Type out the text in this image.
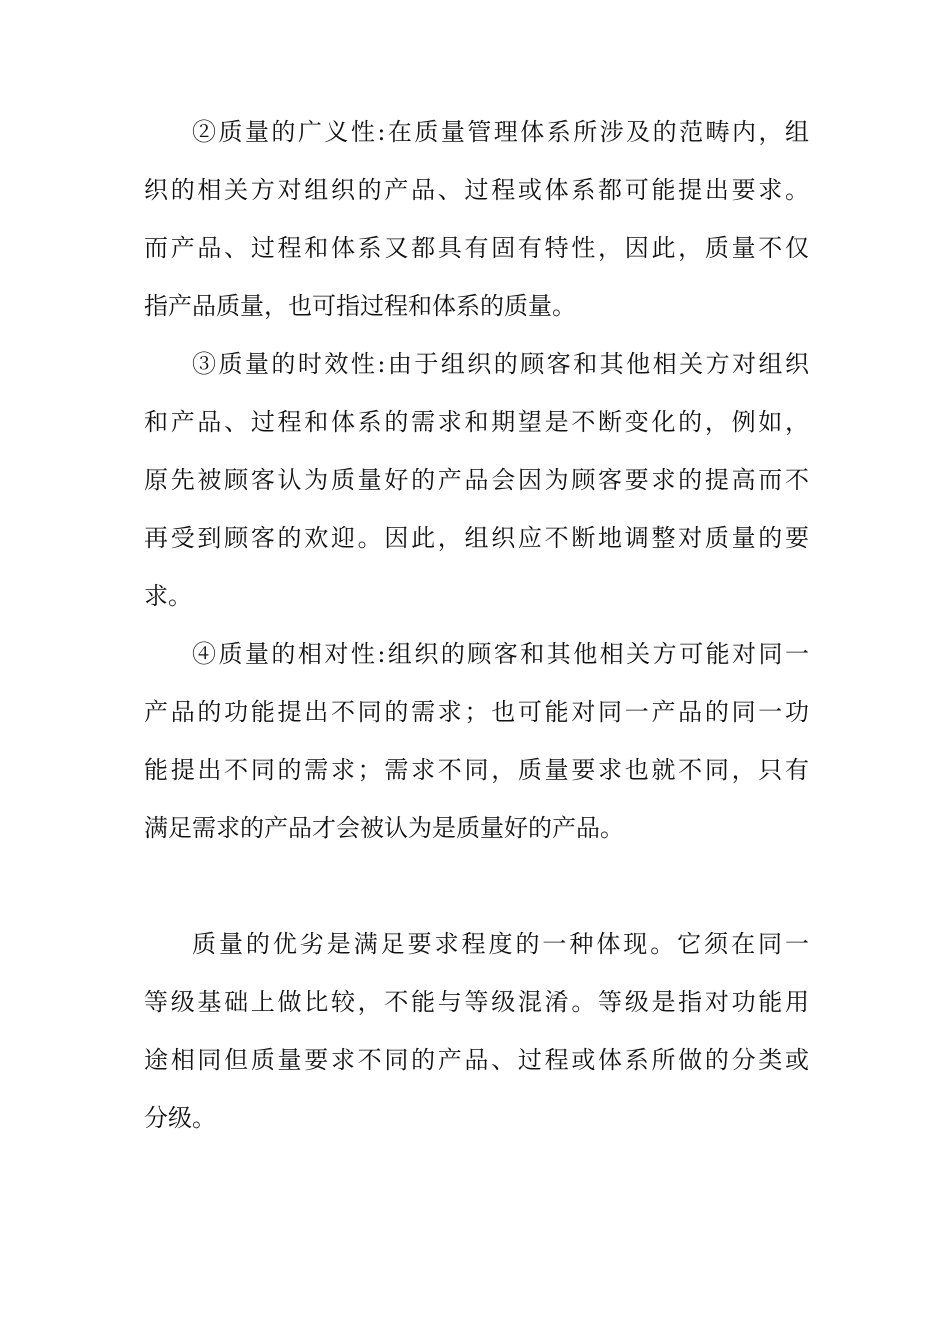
②质量的广义性:在质量管理体系所涉及的范畴内，组
织的相关方对组织的产品、过程或体系都可能提出要求。
而产品、过程和体系又都具有固有特性，因此，质量不仅
指产品质量，也可指过程和体系的质量。
③质量的时效性:由于组织的顾客和其他相关方对组织
和产品、过程和体系的需求和期望是不断变化的，例如，
原先被顾客认为质量好的产品会因为顾客要求的提高而不
再受到顾客的欢迎。因此，组织应不断地调整对质量的要
求。
④质量的相对性:组织的顾客和其他相关方可能对同一
产品的功能提出不同的需求；也可能对同一产品的同一功
能提出不同的需求；需求不同，质量要求也就不同，只有
满足需求的产品才会被认为是质量好的产品。
质量的优劣是满足要求程度的一种体现。它须在同一
等级基础上做比较，不能与等级混淆。等级是指对功能用
途相同但质量要求不同的产品、过程或体系所做的分类或
分级。
